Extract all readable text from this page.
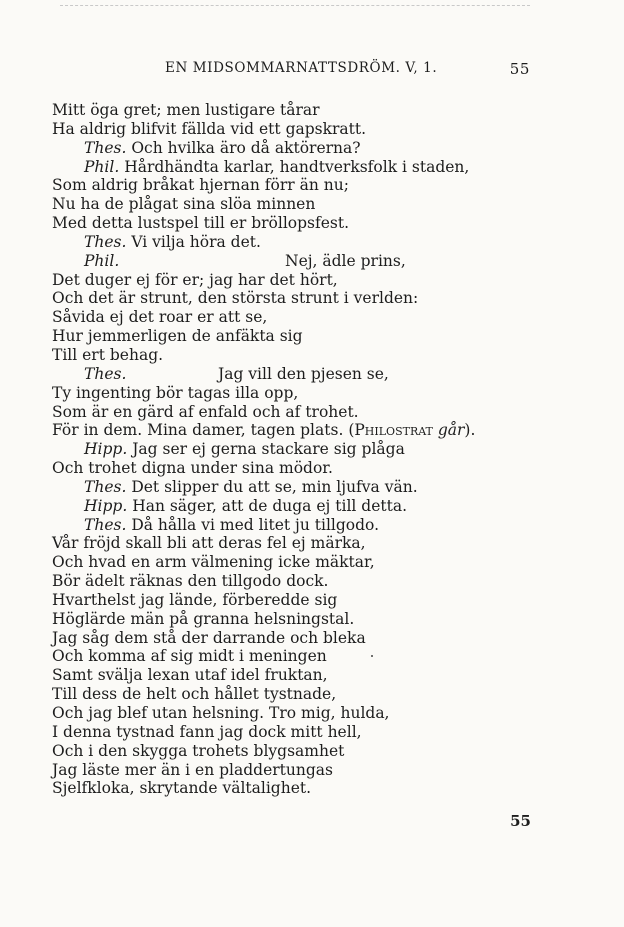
EN MIDSOMMARNATTSDRÖM. V, 1.	55
Mitt öga gret; men lustigare tårar
Ha aldrig blifvit fällda vid ett gapskratt.
Thes. Och hvilka äro då aktörerna?
Phil. Hårdhändta karlar, handtverksfolk i staden,
Som aldrig bråkat hjernan förr än nu;
Nu ha de plågat sina slöa minnen
Med detta lustspel till er bröllopsfest.
Thes. Vi vilja höra det.
Phil.	Nej, ädle prins,
Det duger ej för er; jag har det hört,
Och det är strunt, den största strunt i verlden:
Såvida ej det roar er att se,
Hur jemmerligen de anfäkta sig
Till ert behag.
Thes.	Jag vill den pjesen se,
Ty ingenting bör tagas illa opp,
Som är en gärd af enfald och af trohet.
För in dem. Mina damer, tagen plats. (Philostrat går).
Hipp. Jag ser ej gerna stackare sig plåga
Och trohet digna under sina mödor.
Thes. Det slipper du att se, min ljufva vän.
Hipp. Han säger, att de duga ej till detta.
Thes. Då hålla vi med litet ju tillgodo.
Vår fröjd skall bli att deras fel ej märka,
Och hvad en arm välmening icke mäktar,
Bör ädelt räknas den tillgodo dock.
Hvarthelst jag lände, förberedde sig
Höglärde män på granna helsningstal.
Jag såg dem stå der darrande och bleka
Och komma af sig midt i meningen
Samt svälja lexan utaf idel fruktan,
Till dess de helt och hållet tystnade,
Och jag blef utan helsning. Tro mig, hulda,
I denna tystnad fann jag dock mitt hell,
Och i den skygga trohets blygsamhet
Jag läste mer än i en pladdertungas
Sjelfkloka, skrytande vältalighet.
55
